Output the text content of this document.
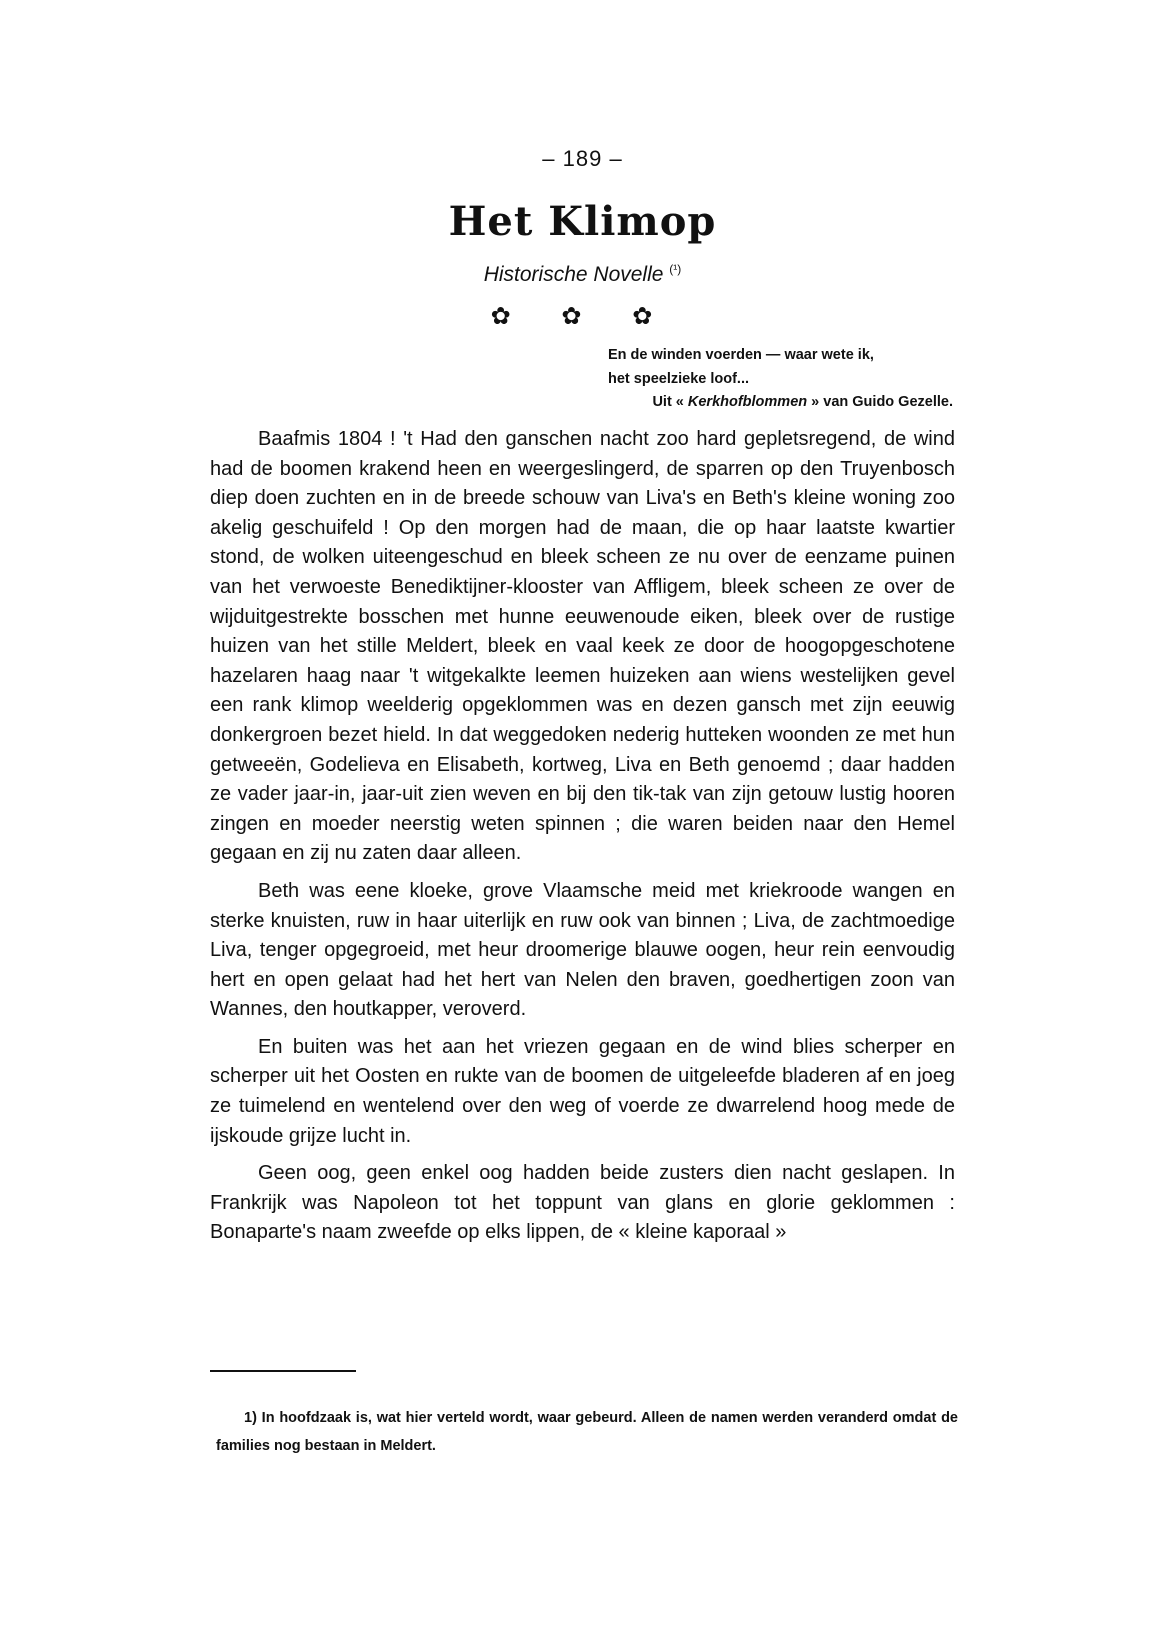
– 189 –
Het Klimop
Historische Novelle $^{(^1)}$
✿ ✿ ✿
En de winden voerden — waar wete ik,
het speelzieke loof...
Uit « Kerkhofblommen » van Guido Gezelle.

Baafmis 1804 ! 't Had den ganschen nacht zoo hard gepletsregend, de wind had de boomen krakend heen en weergeslingerd, de sparren op den Truyenbosch diep doen zuchten en in de breede schouw van Liva's en Beth's kleine woning zoo akelig geschuifeld ! Op den morgen had de maan, die op haar laatste kwartier stond, de wolken uiteengeschud en bleek scheen ze nu over de eenzame puinen van het verwoeste Benediktijner-klooster van Affligem, bleek scheen ze over de wijduitgestrekte bosschen met hunne eeuwenoude eiken, bleek over de rustige huizen van het stille Meldert, bleek en vaal keek ze door de hoogopgeschotene hazelaren haag naar 't witgekalkte leemen huizeken aan wiens westelijken gevel een rank klimop weelderig opgeklommen was en dezen gansch met zijn eeuwig donkergroen bezet hield. In dat weggedoken nederig hutteken woonden ze met hun getweeën, Godelieva en Elisabeth, kortweg, Liva en Beth genoemd ; daar hadden ze vader jaar-in, jaar-uit zien weven en bij den tik-tak van zijn getouw lustig hooren zingen en moeder neerstig weten spinnen ; die waren beiden naar den Hemel gegaan en zij nu zaten daar alleen.

Beth was eene kloeke, grove Vlaamsche meid met kriekroode wangen en sterke knuisten, ruw in haar uiterlijk en ruw ook van binnen ; Liva, de zachtmoedige Liva, tenger opgegroeid, met heur droomerige blauwe oogen, heur rein eenvoudig hert en open gelaat had het hert van Nelen den braven, goedhertigen zoon van Wannes, den houtkapper, veroverd.

En buiten was het aan het vriezen gegaan en de wind blies scherper en scherper uit het Oosten en rukte van de boomen de uitgeleefde bladeren af en joeg ze tuimelend en wentelend over den weg of voerde ze dwarrelend hoog mede de ijskoude grijze lucht in.

Geen oog, geen enkel oog hadden beide zusters dien nacht geslapen. In Frankrijk was Napoleon tot het toppunt van glans en glorie geklommen : Bonaparte's naam zweefde op elks lippen, de « kleine kaporaal »

1) In hoofdzaak is, wat hier verteld wordt, waar gebeurd. Alleen de namen werden veranderd omdat de families nog bestaan in Meldert.
